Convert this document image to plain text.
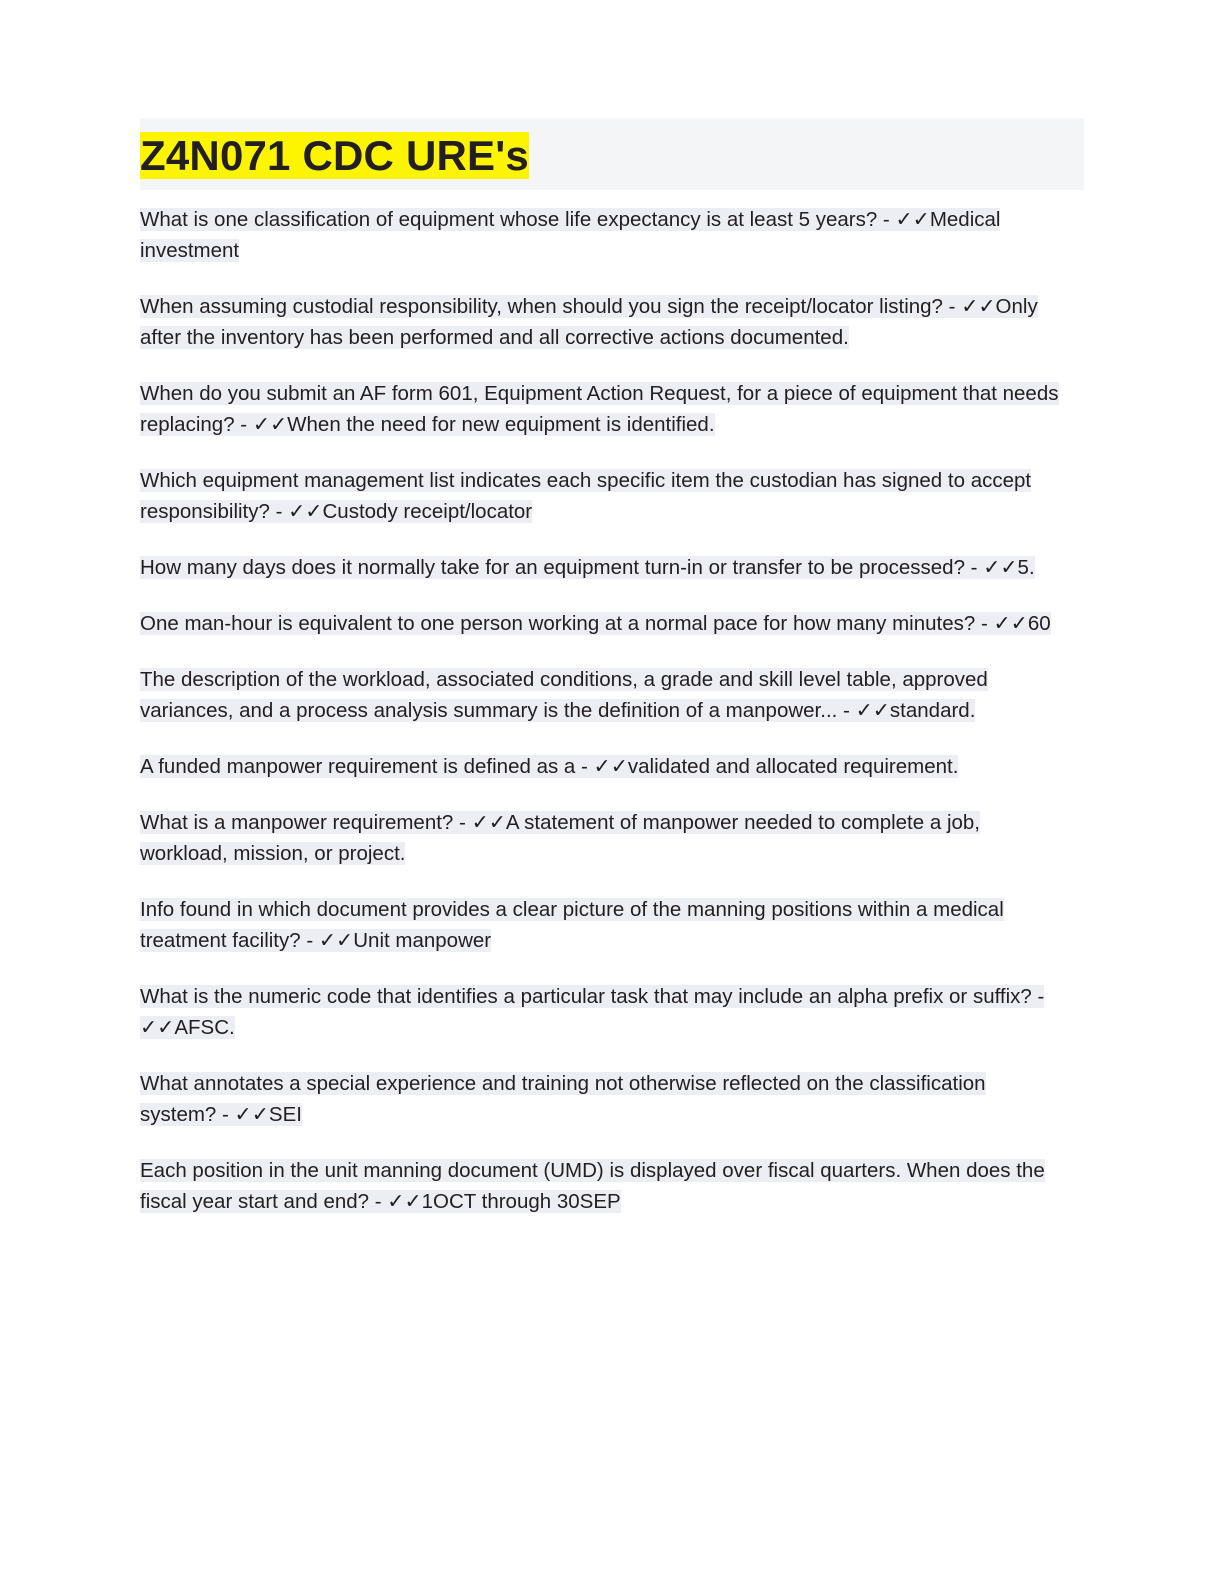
Z4N071 CDC URE's

What is one classification of equipment whose life expectancy is at least 5 years? - ✓✓Medical investment

When assuming custodial responsibility, when should you sign the receipt/locator listing? - ✓✓Only after the inventory has been performed and all corrective actions documented.

When do you submit an AF form 601, Equipment Action Request, for a piece of equipment that needs replacing? - ✓✓When the need for new equipment is identified.

Which equipment management list indicates each specific item the custodian has signed to accept responsibility? - ✓✓Custody receipt/locator

How many days does it normally take for an equipment turn-in or transfer to be processed? - ✓✓5.

One man-hour is equivalent to one person working at a normal pace for how many minutes? - ✓✓60

The description of the workload, associated conditions, a grade and skill level table, approved variances, and a process analysis summary is the definition of a manpower... - ✓✓standard.

A funded manpower requirement is defined as a - ✓✓validated and allocated requirement.

What is a manpower requirement? - ✓✓A statement of manpower needed to complete a job, workload, mission, or project.

Info found in which document provides a clear picture of the manning positions within a medical treatment facility? - ✓✓Unit manpower

What is the numeric code that identifies a particular task that may include an alpha prefix or suffix? - ✓✓AFSC.

What annotates a special experience and training not otherwise reflected on the classification system? - ✓✓SEI

Each position in the unit manning document (UMD) is displayed over fiscal quarters. When does the fiscal year start and end? - ✓✓1OCT through 30SEP
